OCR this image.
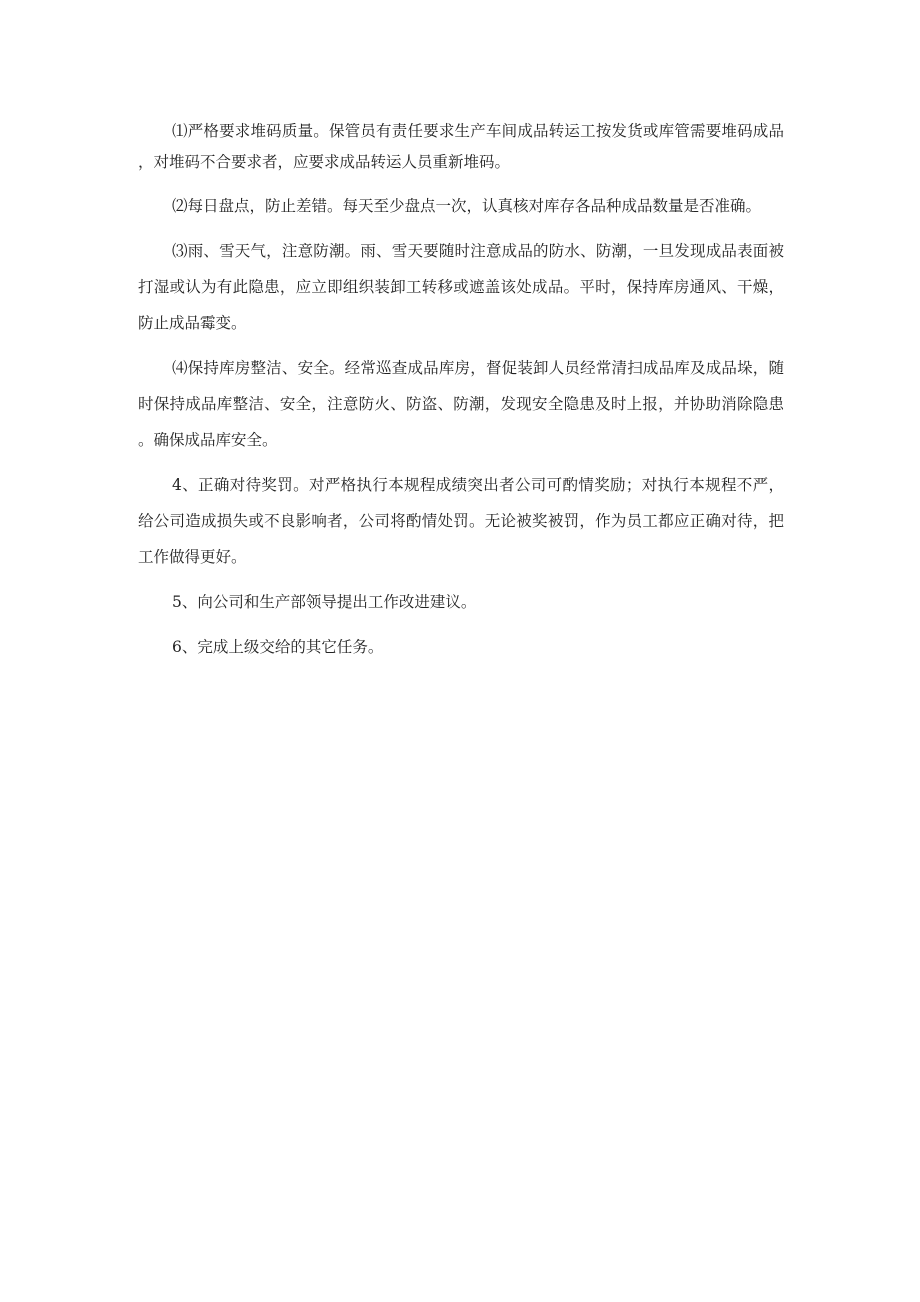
⑴严格要求堆码质量。保管员有责任要求生产车间成品转运工按发货或库管需要堆码成品，对堆码不合要求者，应要求成品转运人员重新堆码。

⑵每日盘点，防止差错。每天至少盘点一次，认真核对库存各品种成品数量是否准确。

⑶雨、雪天气，注意防潮。雨、雪天要随时注意成品的防水、防潮，一旦发现成品表面被打湿或认为有此隐患，应立即组织装卸工转移或遮盖该处成品。平时，保持库房通风、干燥，防止成品霉变。

⑷保持库房整洁、安全。经常巡查成品库房，督促装卸人员经常清扫成品库及成品垛，随时保持成品库整洁、安全，注意防火、防盗、防潮，发现安全隐患及时上报，并协助消除隐患。确保成品库安全。

4、正确对待奖罚。对严格执行本规程成绩突出者公司可酌情奖励；对执行本规程不严，给公司造成损失或不良影响者，公司将酌情处罚。无论被奖被罚，作为员工都应正确对待，把工作做得更好。

5、向公司和生产部领导提出工作改进建议。

6、完成上级交给的其它任务。
